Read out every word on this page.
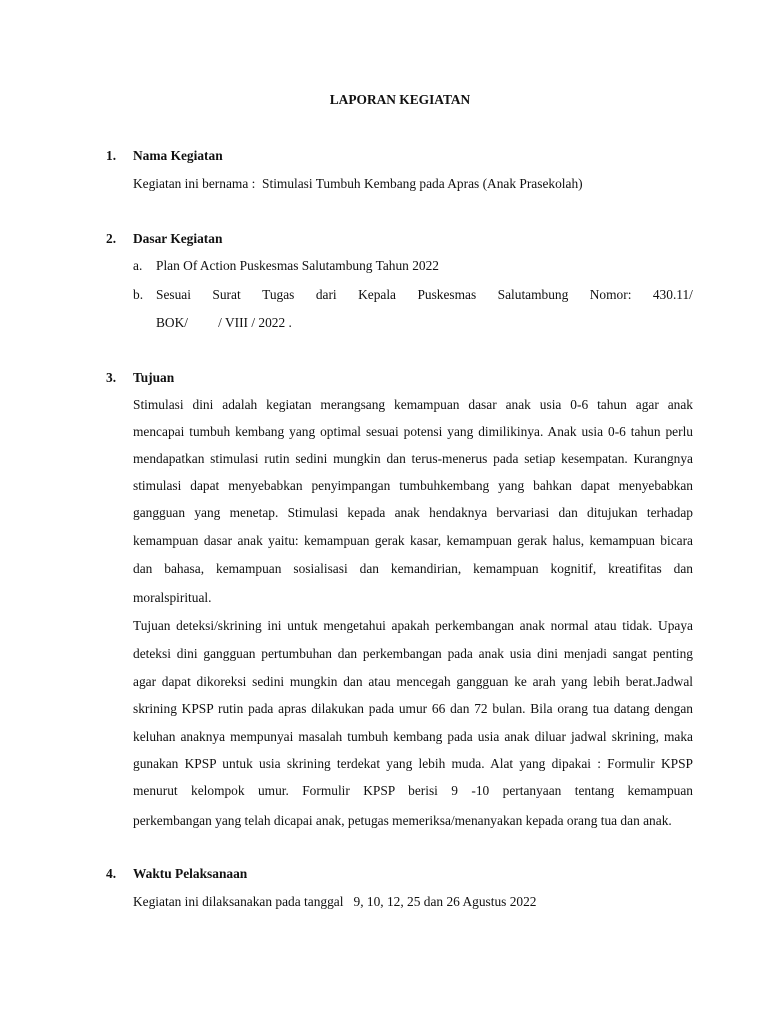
LAPORAN KEGIATAN
1. Nama Kegiatan
Kegiatan ini bernama :  Stimulasi Tumbuh Kembang pada Apras (Anak Prasekolah)
2. Dasar Kegiatan
a. Plan Of Action Puskesmas Salutambung Tahun 2022
b. Sesuai Surat Tugas dari Kepala Puskesmas Salutambung Nomor: 430.11/
BOK/         / VIII / 2022 .
3. Tujuan
Stimulasi dini adalah kegiatan merangsang kemampuan dasar anak usia 0-6 tahun agar anak
mencapai tumbuh kembang yang optimal sesuai potensi yang dimilikinya. Anak usia 0-6 tahun perlu
mendapatkan stimulasi rutin sedini mungkin dan terus-menerus pada setiap kesempatan. Kurangnya
stimulasi dapat menyebabkan penyimpangan tumbuhkembang yang bahkan dapat menyebabkan
gangguan yang menetap. Stimulasi kepada anak hendaknya bervariasi dan ditujukan terhadap
kemampuan dasar anak yaitu: kemampuan gerak kasar, kemampuan gerak halus, kemampuan bicara
dan bahasa, kemampuan sosialisasi dan kemandirian, kemampuan kognitif, kreatifitas dan
moralspiritual.
Tujuan deteksi/skrining ini untuk mengetahui apakah perkembangan anak normal atau tidak. Upaya
deteksi dini gangguan pertumbuhan dan perkembangan pada anak usia dini menjadi sangat penting
agar dapat dikoreksi sedini mungkin dan atau mencegah gangguan ke arah yang lebih berat.Jadwal
skrining KPSP rutin pada apras dilakukan pada umur 66 dan 72 bulan. Bila orang tua datang dengan
keluhan anaknya mempunyai masalah tumbuh kembang pada usia anak diluar jadwal skrining, maka
gunakan KPSP untuk usia skrining terdekat yang lebih muda. Alat yang dipakai : Formulir KPSP
menurut kelompok umur. Formulir KPSP berisi 9 -10 pertanyaan tentang kemampuan
perkembangan yang telah dicapai anak, petugas memeriksa/menanyakan kepada orang tua dan anak.
4. Waktu Pelaksanaan
Kegiatan ini dilaksanakan pada tanggal   9, 10, 12, 25 dan 26 Agustus 2022
